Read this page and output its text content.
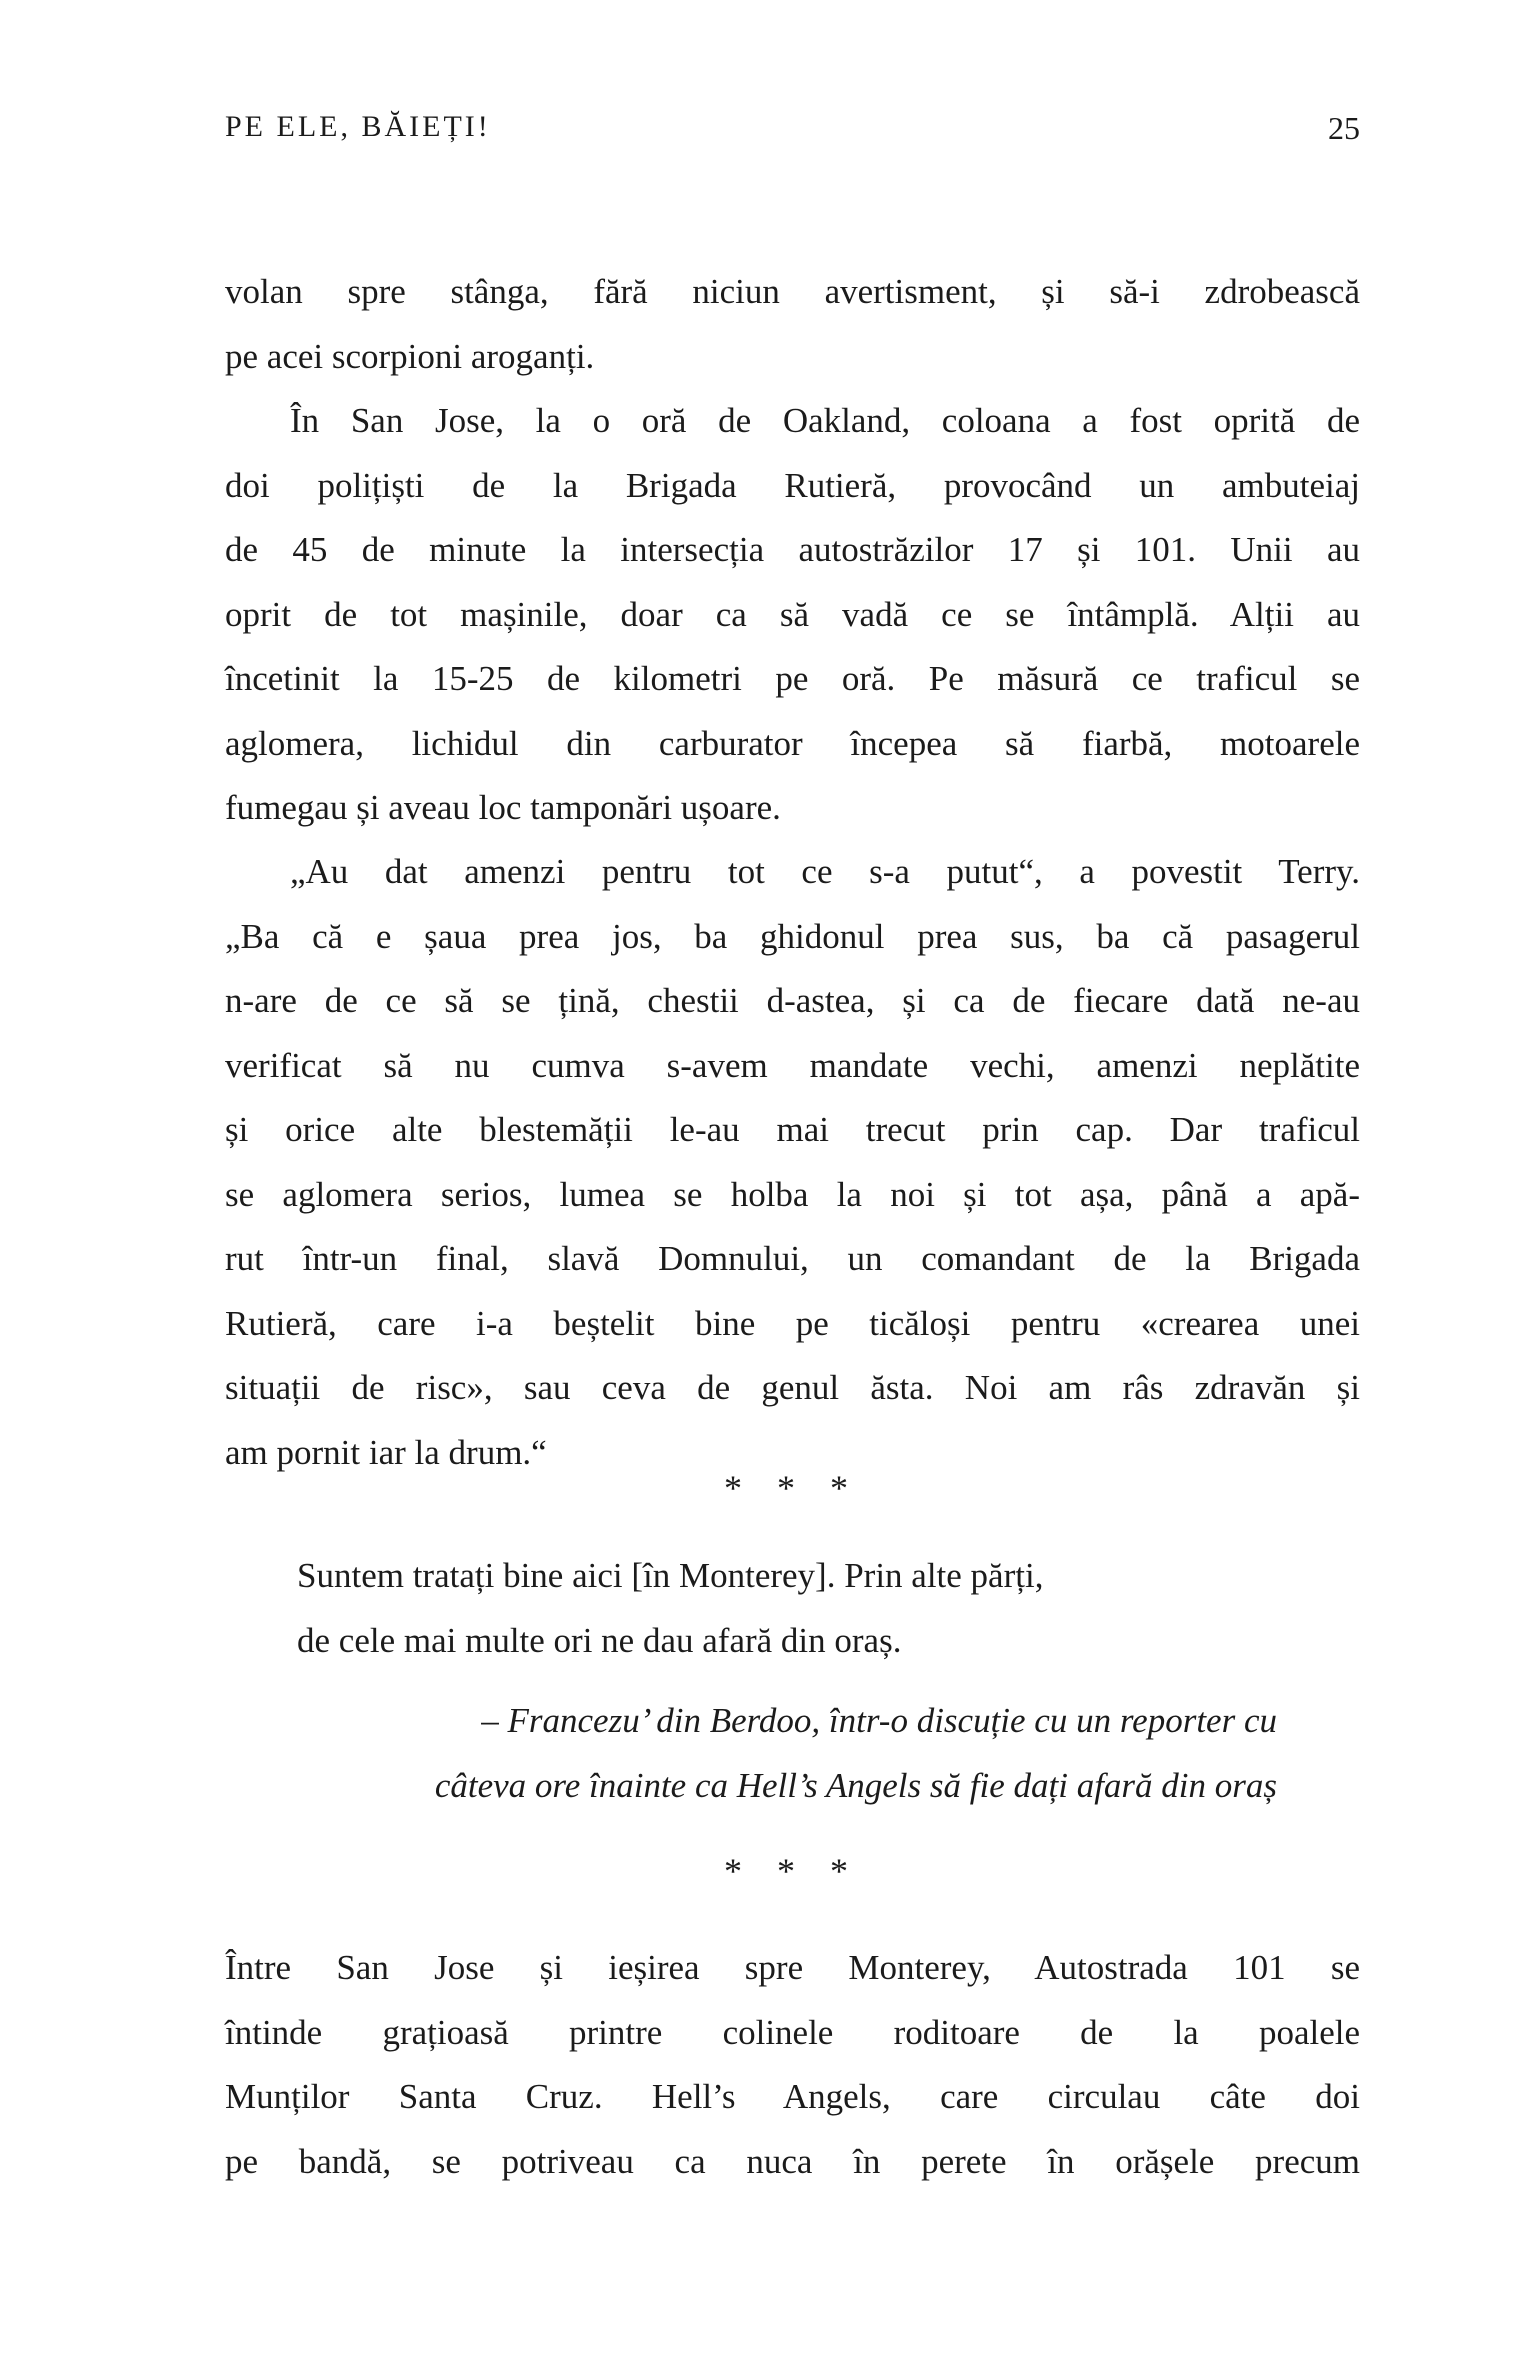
PE ELE, BĂIEȚI!	25
volan spre stânga, fără niciun avertisment, și să-i zdrobească
pe acei scorpioni aroganți.
În San Jose, la o oră de Oakland, coloana a fost oprită de
doi polițiști de la Brigada Rutieră, provocând un ambuteiaj
de 45 de minute la intersecția autostrăzilor 17 și 101. Unii au
oprit de tot mașinile, doar ca să vadă ce se întâmplă. Alții au
încetinit la 15-25 de kilometri pe oră. Pe măsură ce traficul se
aglomera, lichidul din carburator începea să fiarbă, motoarele
fumegau și aveau loc tamponări ușoare.
„Au dat amenzi pentru tot ce s-a putut“, a povestit Terry.
„Ba că e șaua prea jos, ba ghidonul prea sus, ba că pasagerul
n-are de ce să se țină, chestii d-astea, și ca de fiecare dată ne-au
verificat să nu cumva s-avem mandate vechi, amenzi neplătite
și orice alte blestemății le-au mai trecut prin cap. Dar traficul
se aglomera serios, lumea se holba la noi și tot așa, până a apă-
rut într-un final, slavă Domnului, un comandant de la Brigada
Rutieră, care i-a beștelit bine pe ticăloși pentru «crearea unei
situații de risc», sau ceva de genul ăsta. Noi am râs zdravăn și
am pornit iar la drum.“
* * *
Suntem tratați bine aici [în Monterey]. Prin alte părți,
de cele mai multe ori ne dau afară din oraș.
– Francezu’ din Berdoo, într-o discuție cu un reporter cu
câteva ore înainte ca Hell’s Angels să fie dați afară din oraș
* * *
Între San Jose și ieșirea spre Monterey, Autostrada 101 se
întinde grațioasă printre colinele roditoare de la poalele
Munților Santa Cruz. Hell’s Angels, care circulau câte doi
pe bandă, se potriveau ca nuca în perete în orășele precum
